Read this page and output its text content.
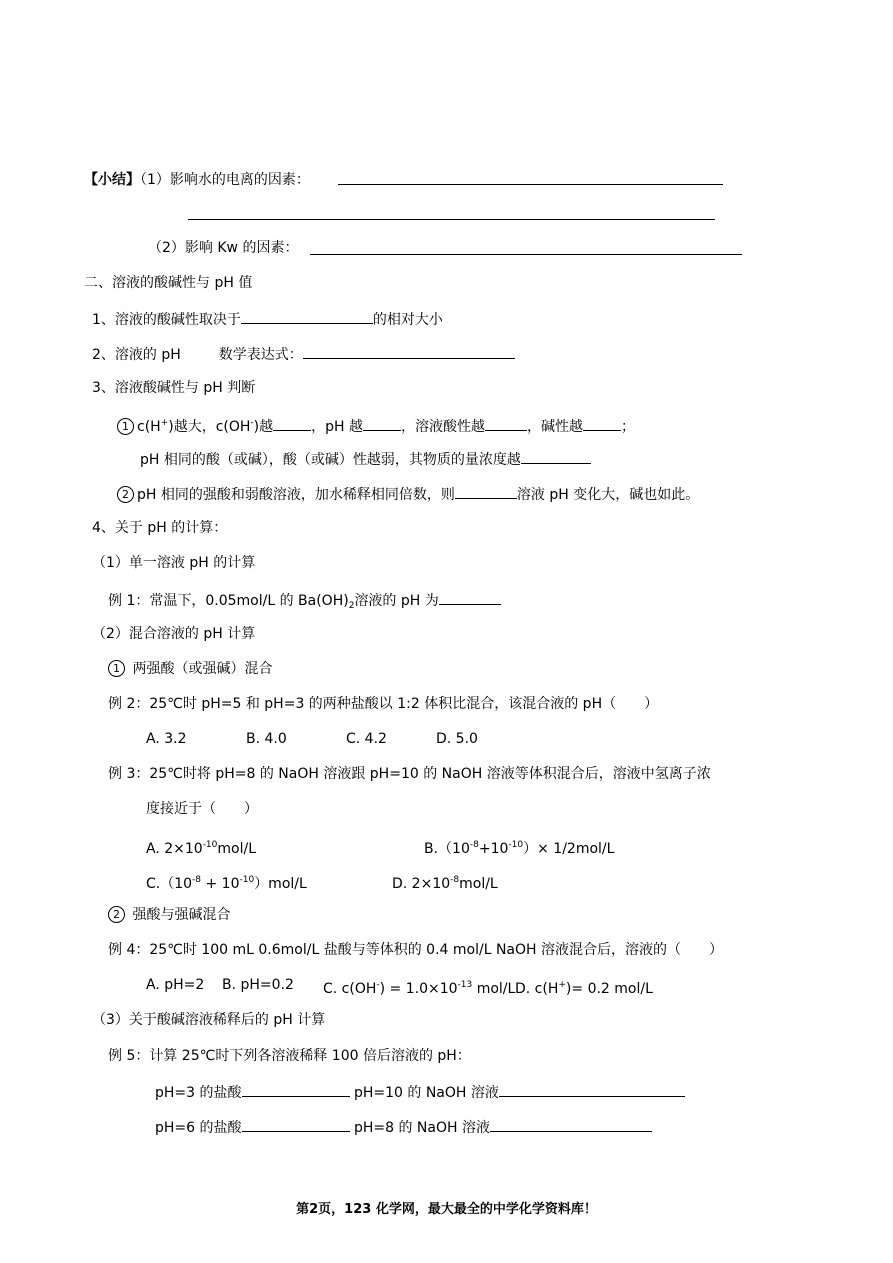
【小结】（1）影响水的电离的因素：
（2）影响 Kw 的因素：
二、溶液的酸碱性与 pH 值
1、溶液的酸碱性取决于	的相对大小
2、溶液的 pH	数学表达式：
3、溶液酸碱性与 pH 判断
1 c(H+)越大，c(OH-)越	，pH 越	，溶液酸性越	，碱性越	；
pH 相同的酸（或碱），酸（或碱）性越弱，其物质的量浓度越
2 pH 相同的强酸和弱酸溶液，加水稀释相同倍数，则	溶液 pH 变化大，碱也如此。
4、关于 pH 的计算：
（1）单一溶液 pH 的计算
例 1：常温下，0.05mol/L 的 $Ba(OH)_2$溶液的 pH 为
（2）混合溶液的 pH 计算
1 两强酸（或强碱）混合
例 2：25℃时 pH=5 和 pH=3 的两种盐酸以 1:2 体积比混合，该混合液的 pH（　　）
A. 3.2	B. 4.0	C. 4.2	D. 5.0
例 3：25℃时将 pH=8 的 NaOH 溶液跟 pH=10 的 NaOH 溶液等体积混合后，溶液中氢离子浓
度接近于（　　）
A. $2\times 10^{-10}mol/L$	$B.(10^{-8}+10^{-10})\times 1/2mol/L$
$C.(10^{-8} + 10^{-10})mol/L$	D. $2\times 10^{-8}mol/L$
2 强酸与强碱混合
例 4：25℃时 100 mL 0.6mol/L 盐酸与等体积的 0.4 mol/L NaOH 溶液混合后，溶液的（　　）
A. pH=2 B. pH=0.2 C. $c(OH^-) = 1.0\times 10^{-13}$ mol/L D. c(H+)= 0.2 mol/L
（3）关于酸碱溶液稀释后的 pH 计算
例 5：计算 25℃时下列各溶液稀释 100 倍后溶液的 pH：
pH=3 的盐酸	pH=10 的 NaOH 溶液
pH=6 的盐酸	pH=8 的 NaOH 溶液
第2页，123 化学网，最大最全的中学化学资料库！
